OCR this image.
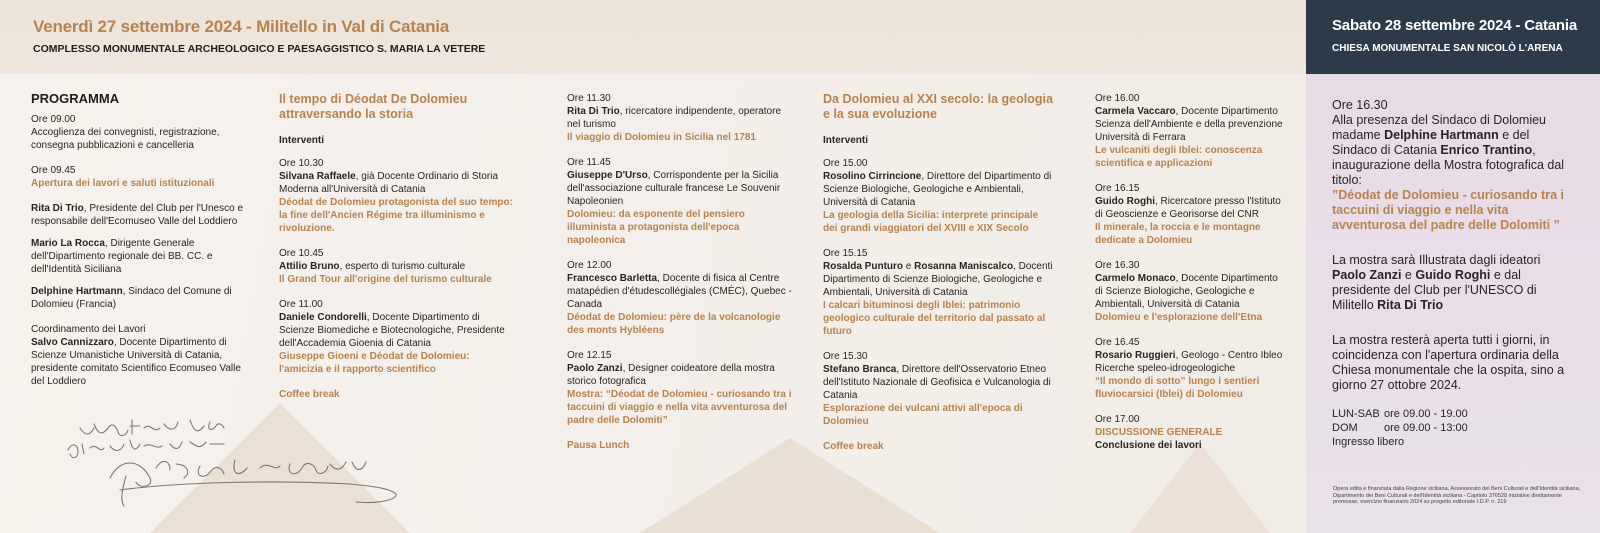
Venerdì 27 settembre 2024 - Militello in Val di Catania
COMPLESSO MONUMENTALE ARCHEOLOGICO E PAESAGGISTICO S. MARIA LA VETERE
Sabato 28 settembre 2024 - Catania
CHIESA MONUMENTALE SAN NICOLÒ L'ARENA
PROGRAMMA
Ore 09.00
Accoglienza dei convegnisti, registrazione, consegna pubblicazioni e cancelleria
Ore 09.45
Apertura dei lavori e saluti istituzionali
Rita Di Trio, Presidente del Club per l'Unesco e responsabile dell'Ecomuseo Valle del Loddiero
Mario La Rocca, Dirigente Generale dell'Dipartimento regionale dei BB. CC. e dell'Identità Siciliana
Delphine Hartmann, Sindaco del Comune di Dolomieu (Francia)
Coordinamento dei Lavori
Salvo Cannizzaro, Docente Dipartimento di Scienze Umanistiche Università di Catania, presidente comitato Scientifico Ecomuseo Valle del Loddiero
Il tempo di Déodat De Dolomieu attraversando la storia
Interventi
Ore 10.30
Silvana Raffaele, già Docente Ordinario di Storia Moderna all'Università di Catania
Déodat de Dolomieu protagonista del suo tempo: la fine dell'Ancien Régime tra illuminismo e rivoluzione.
Ore 10.45
Attilio Bruno, esperto di turismo culturale
Il Grand Tour all'origine del turismo culturale
Ore 11.00
Daniele Condorelli, Docente Dipartimento di Scienze Biomediche e Biotecnologiche, Presidente dell'Accademia Gioenia di Catania
Giuseppe Gioeni e Déodat de Dolomieu: l'amicizia e il rapporto scientifico
Coffee break
Ore 11.30
Rita Di Trio, ricercatore indipendente, operatore nel turismo
Il viaggio di Dolomieu in Sicilia nel 1781
Ore 11.45
Giuseppe D'Urso, Corrispondente per la Sicilia dell'associazione culturale francese Le Souvenir Napoleonien
Dolomieu: da esponente del pensiero illuminista a protagonista dell'epoca napoleonica
Ore 12.00
Francesco Barletta, Docente di fisica al Centre matapédien d'étudescollégiales (CMÉC), Quebec - Canada
Déodat de Dolomieu: père de la volcanologie des monts Hybléens
Ore 12.15
Paolo Zanzi, Designer coideatore della mostra storico fotografica
Mostra: “Déodat de Dolomieu - curiosando tra i taccuini di viaggio e nella vita avventurosa del padre delle Dolomiti”
Pausa Lunch
Da Dolomieu al XXI secolo: la geologia e la sua evoluzione
Interventi
Ore 15.00
Rosolino Cirrincione, Direttore del Dipartimento di Scienze Biologiche, Geologiche e Ambientali, Università di Catania
La geologia della Sicilia: interprete principale dei grandi viaggiatori del XVIII e XIX Secolo
Ore 15.15
Rosalda Punturo e Rosanna Maniscalco, Docenti Dipartimento di Scienze Biologiche, Geologiche e Ambientali, Università di Catania
I calcari bituminosi degli Iblei: patrimonio geologico culturale del territorio dal passato al futuro
Ore 15.30
Stefano Branca, Direttore dell'Osservatorio Etneo dell'Istituto Nazionale di Geofisica e Vulcanologia di Catania
Esplorazione dei vulcani attivi all'epoca di Dolomieu
Coffee break
Ore 16.00
Carmela Vaccaro, Docente Dipartimento Scienza dell'Ambiente e della prevenzione Università di Ferrara
Le vulcaniti degli Iblei: conoscenza scientifica e applicazioni
Ore 16.15
Guido Roghi, Ricercatore presso l'Istituto di Geoscienze e Georisorse del CNR
Il minerale, la roccia e le montagne dedicate a Dolomieu
Ore 16.30
Carmelo Monaco, Docente Dipartimento di Scienze Biologiche, Geologiche e Ambientali, Università di Catania
Dolomieu e l'esplorazione dell'Etna
Ore 16.45
Rosario Ruggieri, Geologo - Centro Ibleo Ricerche speleo-idrogeologiche
“Il mondo di sotto” lungo i sentieri fluviocarsici (Iblei) di Dolomieu
Ore 17.00
DISCUSSIONE GENERALE
Conclusione dei lavori
Ore 16.30
Alla presenza del Sindaco di Dolomieu madame Delphine Hartmann e del Sindaco di Catania Enrico Trantino, inaugurazione della Mostra fotografica dal titolo:
”Déodat de Dolomieu - curiosando tra i taccuini di viaggio e nella vita avventurosa del padre delle Dolomiti ”
La mostra sarà Illustrata dagli ideatori Paolo Zanzi e Guido Roghi e dal presidente del Club per l'UNESCO di Militello Rita Di Trio
La mostra resterà aperta tutti i giorni, in coincidenza con l'apertura ordinaria della Chiesa monumentale che la ospita, sino a giorno 27 ottobre 2024.
LUN-SAB ore 09.00 - 19.00
DOM ore 09.00 - 13:00
Ingresso libero
Opera edita e finanziata dalla Regione siciliana, Assessorato dei Beni Culturali e dell'Identità siciliana, Dipartimento dei Beni Culturali e dell'Identità siciliana - Capitolo 376528 iniziative direttamente promosse, esercizio finanziario 2024 su progetto editoriale I.D.P. n. 219
